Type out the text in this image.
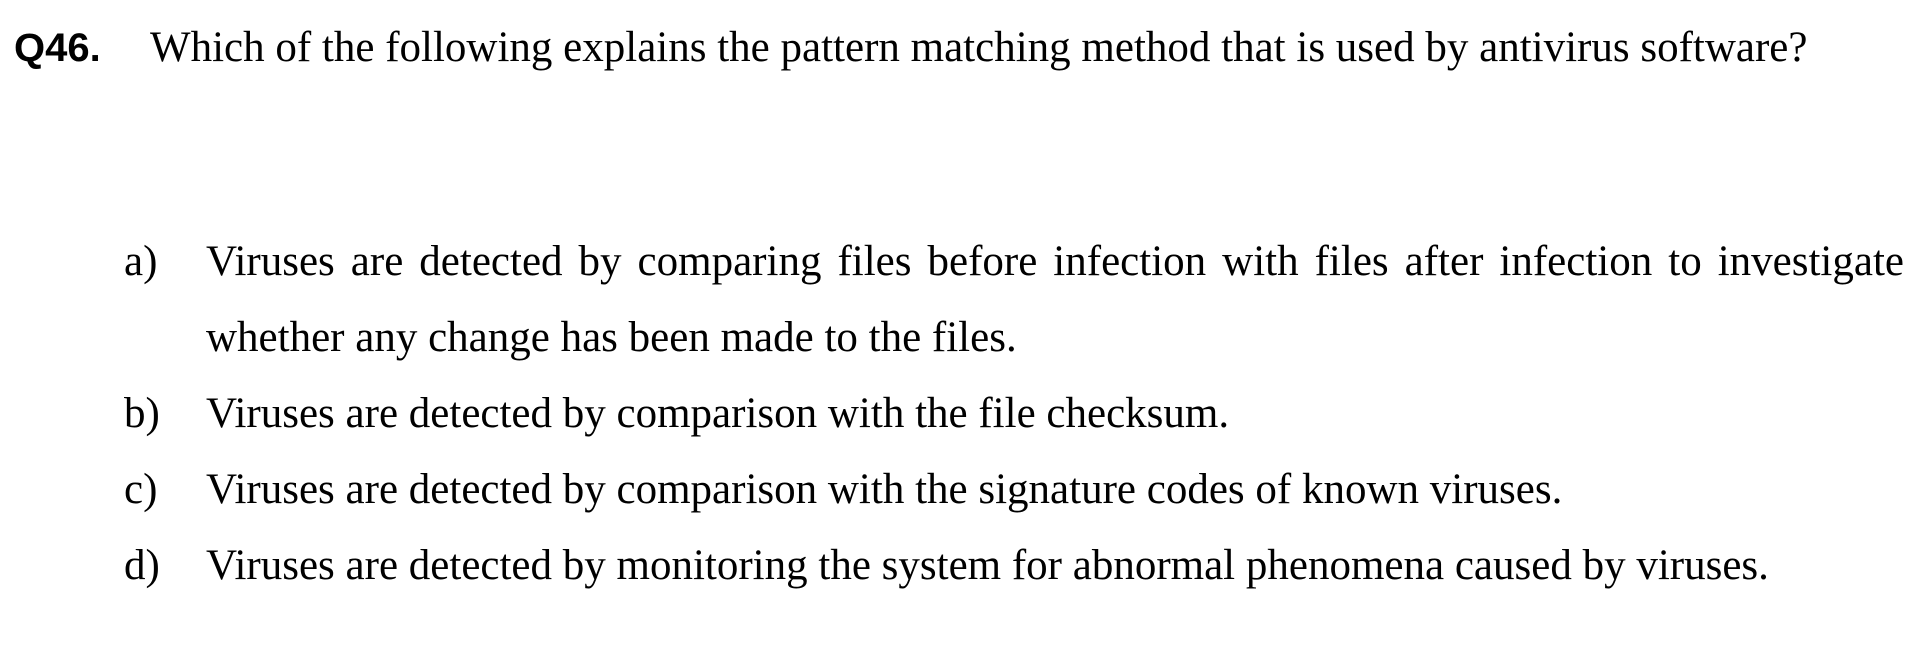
Q46.	Which of the following explains the pattern matching method that is used by antivirus software?
a)	Viruses are detected by comparing files before infection with files after infection to investigate whether any change has been made to the files.
b)	Viruses are detected by comparison with the file checksum.
c)	Viruses are detected by comparison with the signature codes of known viruses.
d)	Viruses are detected by monitoring the system for abnormal phenomena caused by viruses.
